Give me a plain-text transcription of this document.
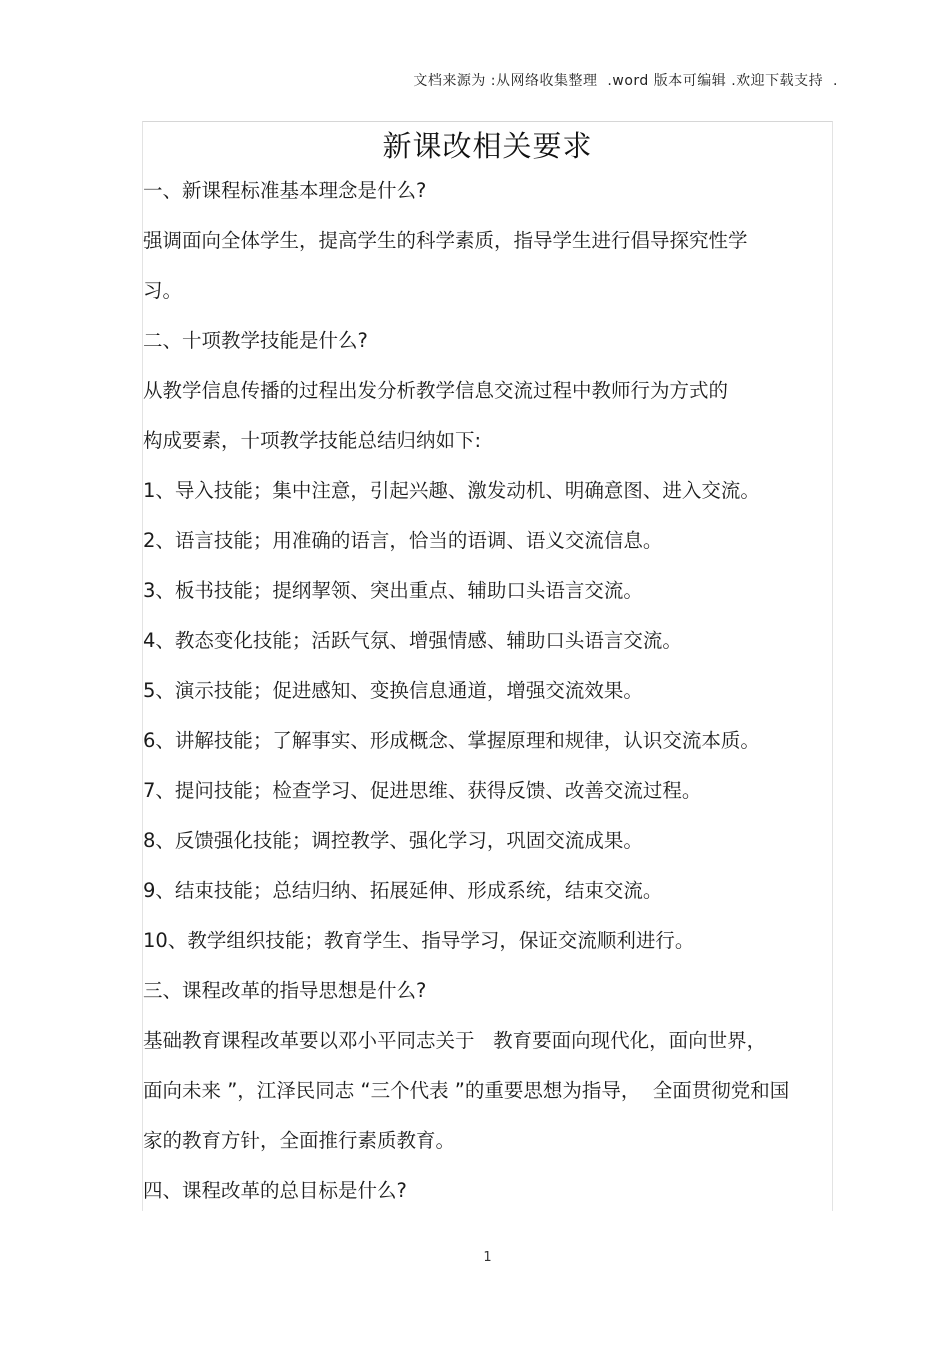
文档来源为 :从网络收集整理  .word 版本可编辑 .欢迎下载支持  .
新课改相关要求
一、新课程标准基本理念是什么?
强调面向全体学生，提高学生的科学素质，指导学生进行倡导探究性学
习。
二、十项教学技能是什么?
从教学信息传播的过程出发分析教学信息交流过程中教师行为方式的
构成要素，十项教学技能总结归纳如下:
1、导入技能；集中注意，引起兴趣、激发动机、明确意图、进入交流。
2、语言技能；用准确的语言，恰当的语调、语义交流信息。
3、板书技能；提纲挈领、突出重点、辅助口头语言交流。
4、教态变化技能；活跃气氛、增强情感、辅助口头语言交流。
5、演示技能；促进感知、变换信息通道，增强交流效果。
6、讲解技能；了解事实、形成概念、掌握原理和规律，认识交流本质。
7、提问技能；检查学习、促进思维、获得反馈、改善交流过程。
8、反馈强化技能；调控教学、强化学习，巩固交流成果。
9、结束技能；总结归纳、拓展延伸、形成系统，结束交流。
10、教学组织技能；教育学生、指导学习，保证交流顺利进行。
三、课程改革的指导思想是什么?
基础教育课程改革要以邓小平同志关于   教育要面向现代化，面向世界，
面向未来 ”，江泽民同志 “三个代表 ”的重要思想为指导，  全面贯彻党和国
家的教育方针，全面推行素质教育。
四、课程改革的总目标是什么?
1
